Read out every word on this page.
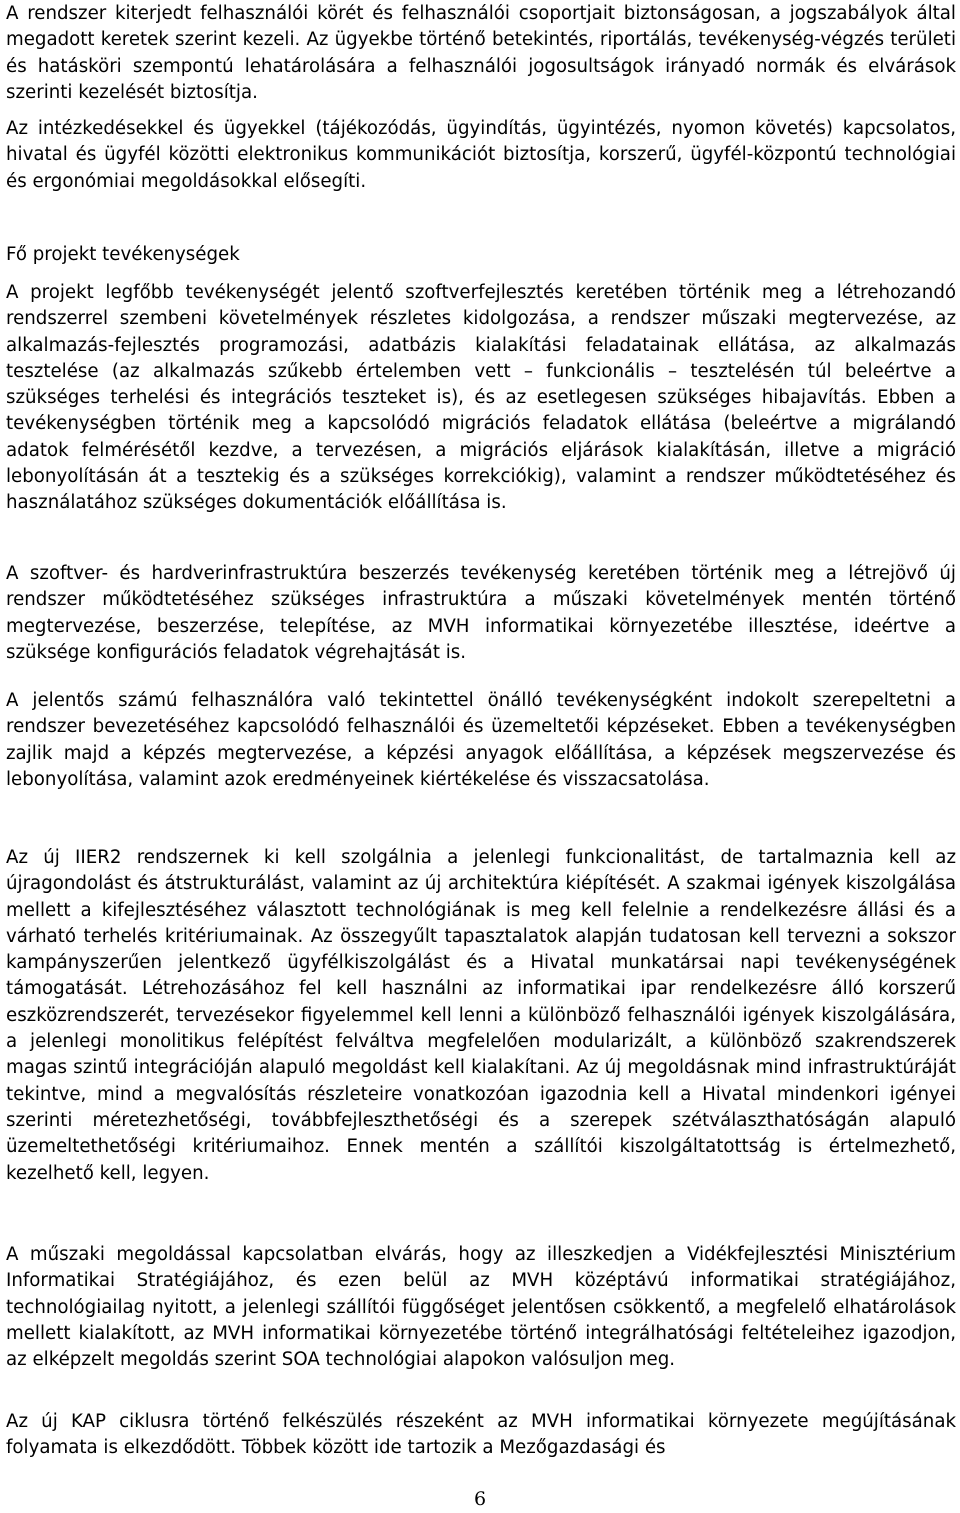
A rendszer kiterjedt felhasználói körét és felhasználói csoportjait biztonságosan, a jogszabályok által megadott keretek szerint kezeli. Az ügyekbe történő betekintés, riportálás, tevékenység-végzés területi és hatásköri szempontú lehatárolására a felhasználói jogosultságok irányadó normák és elvárások szerinti kezelését biztosítja.

Az intézkedésekkel és ügyekkel (tájékozódás, ügyindítás, ügyintézés, nyomon követés) kapcsolatos, hivatal és ügyfél közötti elektronikus kommunikációt biztosítja, korszerű, ügyfél-központú technológiai és ergonómiai megoldásokkal elősegíti.

Fő projekt tevékenységek

A projekt legfőbb tevékenységét jelentő szoftverfejlesztés keretében történik meg a létrehozandó rendszerrel szembeni követelmények részletes kidolgozása, a rendszer műszaki megtervezése, az alkalmazás-fejlesztés programozási, adatbázis kialakítási feladatainak ellátása, az alkalmazás tesztelése (az alkalmazás szűkebb értelemben vett – funkcionális – tesztelésén túl beleértve a szükséges terhelési és integrációs teszteket is), és az esetlegesen szükséges hibajavítás. Ebben a tevékenységben történik meg a kapcsolódó migrációs feladatok ellátása (beleértve a migrálandó adatok felmérésétől kezdve, a tervezésen, a migrációs eljárások kialakításán, illetve a migráció lebonyolításán át a tesztekig és a szükséges korrekciókig), valamint a rendszer működtetéséhez és használatához szükséges dokumentációk előállítása is.

A szoftver- és hardverinfrastruktúra beszerzés tevékenység keretében történik meg a létrejövő új rendszer működtetéséhez szükséges infrastruktúra a műszaki követelmények mentén történő megtervezése, beszerzése, telepítése, az MVH informatikai környezetébe illesztése, ideértve a szüksége konfigurációs feladatok végrehajtását is.

A jelentős számú felhasználóra való tekintettel önálló tevékenységként indokolt szerepeltetni a rendszer bevezetéséhez kapcsolódó felhasználói és üzemeltetői képzéseket. Ebben a tevékenységben zajlik majd a képzés megtervezése, a képzési anyagok előállítása, a képzések megszervezése és lebonyolítása, valamint azok eredményeinek kiértékelése és visszacsatolása.

Az új IIER2 rendszernek ki kell szolgálnia a jelenlegi funkcionalitást, de tartalmaznia kell az újragondolást és átstrukturálást, valamint az új architektúra kiépítését. A szakmai igények kiszolgálása mellett a kifejlesztéséhez választott technológiának is meg kell felelnie a rendelkezésre állási és a várható terhelés kritériumainak. Az összegyűlt tapasztalatok alapján tudatosan kell tervezni a sokszor kampányszerűen jelentkező ügyfélkiszolgálást és a Hivatal munkatársai napi tevékenységének támogatását. Létrehozásához fel kell használni az informatikai ipar rendelkezésre álló korszerű eszközrendszerét, tervezésekor figyelemmel kell lenni a különböző felhasználói igények kiszolgálására, a jelenlegi monolitikus felépítést felváltva megfelelően modularizált, a különböző szakrendszerek magas szintű integrációján alapuló megoldást kell kialakítani. Az új megoldásnak mind infrastruktúráját tekintve, mind a megvalósítás részleteire vonatkozóan igazodnia kell a Hivatal mindenkori igényei szerinti méretezhetőségi, továbbfejleszthetőségi és a szerepek szétválaszthatóságán alapuló üzemeltethetőségi kritériumaihoz. Ennek mentén a szállítói kiszolgáltatottság is értelmezhető, kezelhető kell, legyen.

A műszaki megoldással kapcsolatban elvárás, hogy az illeszkedjen a Vidékfejlesztési Minisztérium Informatikai Stratégiájához, és ezen belül az MVH középtávú informatikai stratégiájához, technológiailag nyitott, a jelenlegi szállítói függőséget jelentősen csökkentő, a megfelelő elhatárolások mellett kialakított, az MVH informatikai környezetébe történő integrálhatósági feltételeihez igazodjon, az elképzelt megoldás szerint SOA technológiai alapokon valósuljon meg.

Az új KAP ciklusra történő felkészülés részeként az MVH informatikai környezete megújításának folyamata is elkezdődött. Többek között ide tartozik a Mezőgazdasági és

6
